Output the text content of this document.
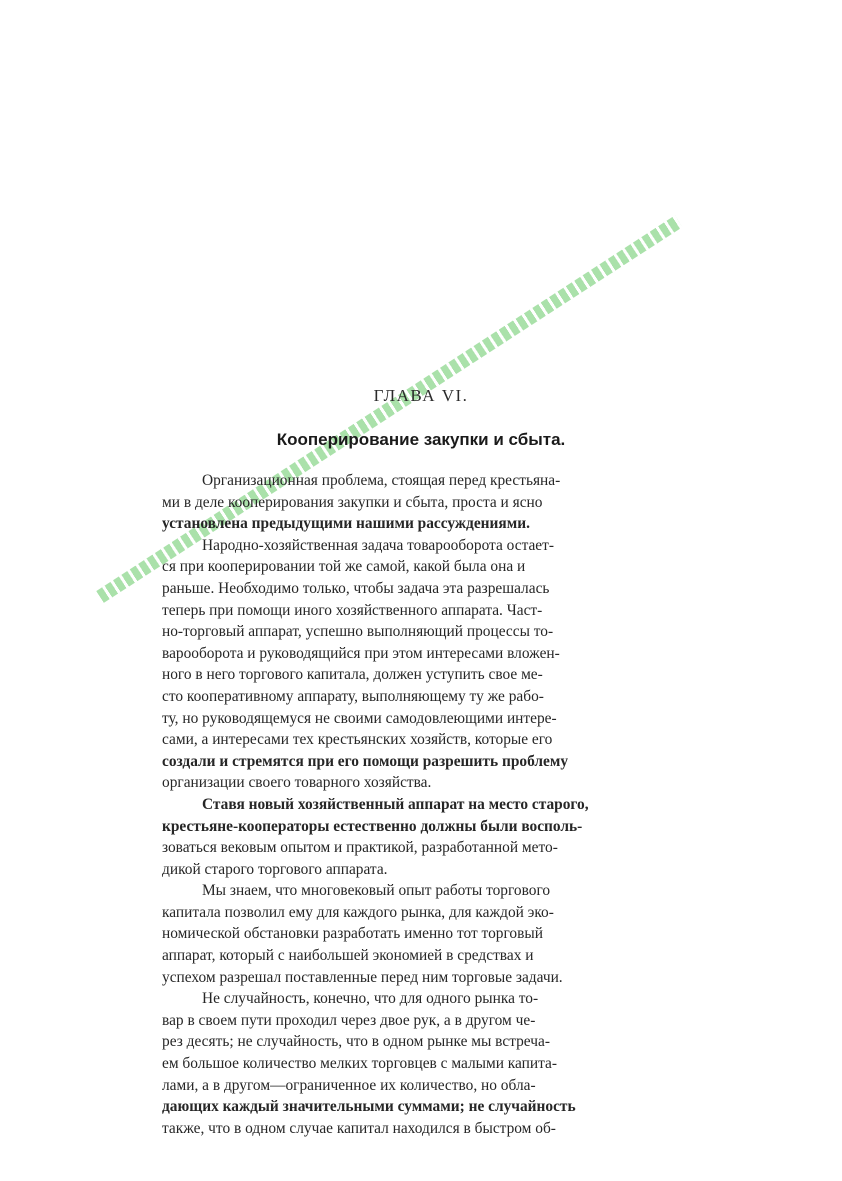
ГЛАВА VI.
Кооперирование закупки и сбыта.

Организационная проблема, стоящая перед крестьяна-
ми в деле кооперирования закупки и сбыта, проста и ясно
установлена предыдущими нашими рассуждениями.

Народно-хозяйственная задача товарооборота остает-
ся при кооперировании той же самой, какой была она и
раньше. Необходимо только, чтобы задача эта разрешалась
теперь при помощи иного хозяйственного аппарата. Част-
но-торговый аппарат, успешно выполняющий процессы то-
варооборота и руководящийся при этом интересами вложен-
ного в него торгового капитала, должен уступить свое ме-
сто кооперативному аппарату, выполняющему ту же рабо-
ту, но руководящемуся не своими самодовлеющими интере-
сами, а интересами тех крестьянских хозяйств, которые его
создали и стремятся при его помощи разрешить проблему
организации своего товарного хозяйства.

Ставя новый хозяйственный аппарат на место старого,
крестьяне-кооператоры естественно должны были восполь-
зоваться вековым опытом и практикой, разработанной мето-
дикой старого торгового аппарата.

Мы знаем, что многовековый опыт работы торгового
капитала позволил ему для каждого рынка, для каждой эко-
номической обстановки разработать именно тот торговый
аппарат, который с наибольшей экономией в средствах и
успехом разрешал поставленные перед ним торговые задачи.

Не случайность, конечно, что для одного рынка то-
вар в своем пути проходил через двое рук, а в другом че-
рез десять; не случайность, что в одном рынке мы встреча-
ем большое количество мелких торговцев с малыми капита-
лами, а в другом—ограниченное их количество, но обла-
дающих каждый значительными суммами; не случайность
также, что в одном случае капитал находился в быстром об-
